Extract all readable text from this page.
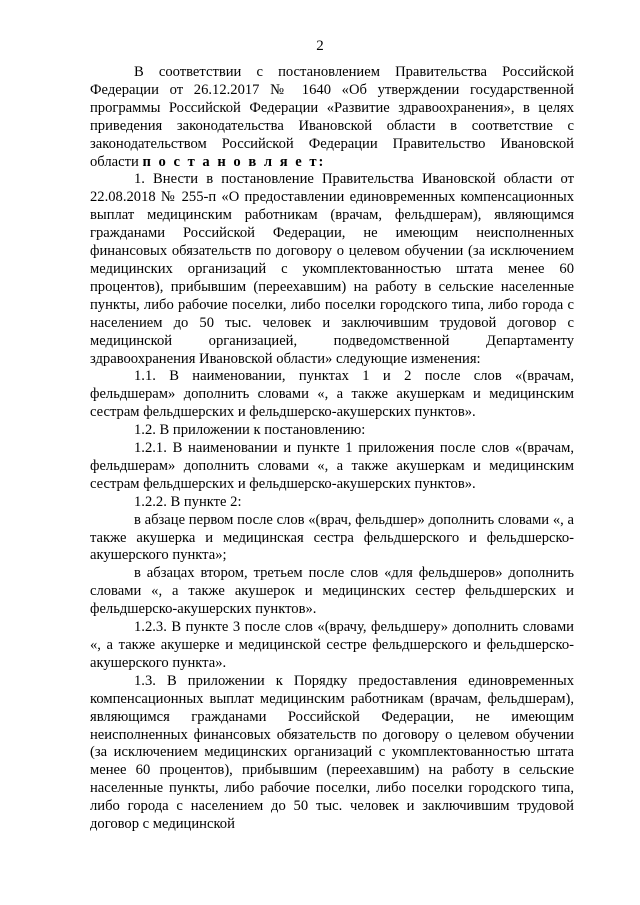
2

В соответствии с постановлением Правительства Российской Федерации от 26.12.2017 № 1640 «Об утверждении государственной программы Российской Федерации «Развитие здравоохранения», в целях приведения законодательства Ивановской области в соответствие с законодательством Российской Федерации Правительство Ивановской области п о с т а н о в л я е т:

1. Внести в постановление Правительства Ивановской области от 22.08.2018 № 255-п «О предоставлении единовременных компенсационных выплат медицинским работникам (врачам, фельдшерам), являющимся гражданами Российской Федерации, не имеющим неисполненных финансовых обязательств по договору о целевом обучении (за исключением медицинских организаций с укомплектованностью штата менее 60 процентов), прибывшим (переехавшим) на работу в сельские населенные пункты, либо рабочие поселки, либо поселки городского типа, либо города с населением до 50 тыс. человек и заключившим трудовой договор с медицинской организацией, подведомственной Департаменту здравоохранения Ивановской области» следующие изменения:

1.1. В наименовании, пунктах 1 и 2 после слов «(врачам, фельдшерам» дополнить словами «, а также акушеркам и медицинским сестрам фельдшерских и фельдшерско-акушерских пунктов».

1.2. В приложении к постановлению:

1.2.1. В наименовании и пункте 1 приложения после слов «(врачам, фельдшерам» дополнить словами «, а также акушеркам и медицинским сестрам фельдшерских и фельдшерско-акушерских пунктов».

1.2.2. В пункте 2:

в абзаце первом после слов «(врач, фельдшер» дополнить словами «, а также акушерка и медицинская сестра фельдшерского и фельдшерско-акушерского пункта»;

в абзацах втором, третьем после слов «для фельдшеров» дополнить словами «, а также акушерок и медицинских сестер фельдшерских и фельдшерско-акушерских пунктов».

1.2.3. В пункте 3 после слов «(врачу, фельдшеру» дополнить словами «, а также акушерке и медицинской сестре фельдшерского и фельдшерско-акушерского пункта».

1.3. В приложении к Порядку предоставления единовременных компенсационных выплат медицинским работникам (врачам, фельдшерам), являющимся гражданами Российской Федерации, не имеющим неисполненных финансовых обязательств по договору о целевом обучении (за исключением медицинских организаций с укомплектованностью штата менее 60 процентов), прибывшим (переехавшим) на работу в сельские населенные пункты, либо рабочие поселки, либо поселки городского типа, либо города с населением до 50 тыс. человек и заключившим трудовой договор с медицинской
